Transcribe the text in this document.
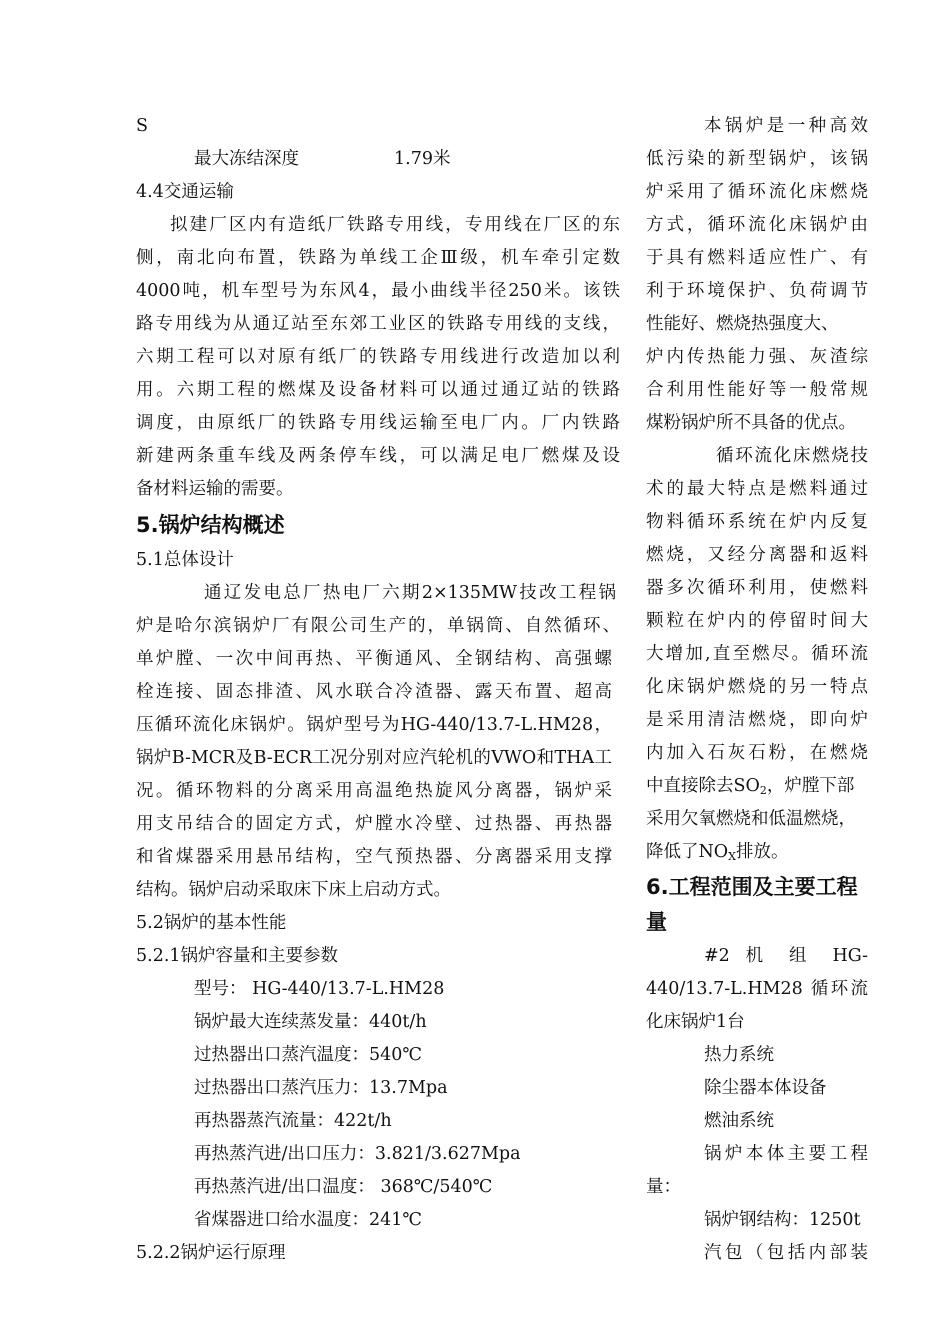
S
最大冻结深度	1.79米
4.4交通运输
拟建厂区内有造纸厂铁路专用线，专用线在厂区的东
侧，南北向布置，铁路为单线工企Ⅲ级，机车牵引定数
4000吨，机车型号为东风4，最小曲线半径250米。该铁
路专用线为从通辽站至东郊工业区的铁路专用线的支线，
六期工程可以对原有纸厂的铁路专用线进行改造加以利
用。六期工程的燃煤及设备材料可以通过通辽站的铁路
调度，由原纸厂的铁路专用线运输至电厂内。厂内铁路
新建两条重车线及两条停车线，可以满足电厂燃煤及设
备材料运输的需要。
5.锅炉结构概述
5.1总体设计
通辽发电总厂热电厂六期2×135MW技改工程锅
炉是哈尔滨锅炉厂有限公司生产的，单锅筒、自然循环、
单炉膛、一次中间再热、平衡通风、全钢结构、高强螺
栓连接、固态排渣、风水联合冷渣器、露天布置、超高
压循环流化床锅炉。锅炉型号为HG-440/13.7-L.HM28，
锅炉B-MCR及B-ECR工况分别对应汽轮机的VWO和THA工
况。循环物料的分离采用高温绝热旋风分离器，锅炉采
用支吊结合的固定方式，炉膛水冷壁、过热器、再热器
和省煤器采用悬吊结构，空气预热器、分离器采用支撑
结构。锅炉启动采取床下床上启动方式。
5.2锅炉的基本性能
5.2.1锅炉容量和主要参数
型号： HG-440/13.7-L.HM28
锅炉最大连续蒸发量：440t/h
过热器出口蒸汽温度：540℃
过热器出口蒸汽压力：13.7Mpa
再热器蒸汽流量：422t/h
再热蒸汽进/出口压力：3.821/3.627Mpa
再热蒸汽进/出口温度： 368℃/540℃
省煤器进口给水温度：241℃
5.2.2锅炉运行原理
本锅炉是一种高效
低污染的新型锅炉，该锅
炉采用了循环流化床燃烧
方式，循环流化床锅炉由
于具有燃料适应性广、有
利于环境保护、负荷调节
性能好、燃烧热强度大、
炉内传热能力强、灰渣综
合利用性能好等一般常规
煤粉锅炉所不具备的优点。
循环流化床燃烧技
术的最大特点是燃料通过
物料循环系统在炉内反复
燃烧，又经分离器和返料
器多次循环利用，使燃料
颗粒在炉内的停留时间大
大增加,直至燃尽。循环流
化床锅炉燃烧的另一特点
是采用清洁燃烧，即向炉
内加入石灰石粉，在燃烧
中直接除去$SO_2$，炉膛下部
采用欠氧燃烧和低温燃烧，
降低了$NO_X$排放。
6.工程范围及主要工程
量
#2 机 组 HG-
440/13.7-L.HM28 循环流
化床锅炉1台
热力系统
除尘器本体设备
燃油系统
锅炉本体主要工程
量：
锅炉钢结构：1250t
汽包（包括内部装
